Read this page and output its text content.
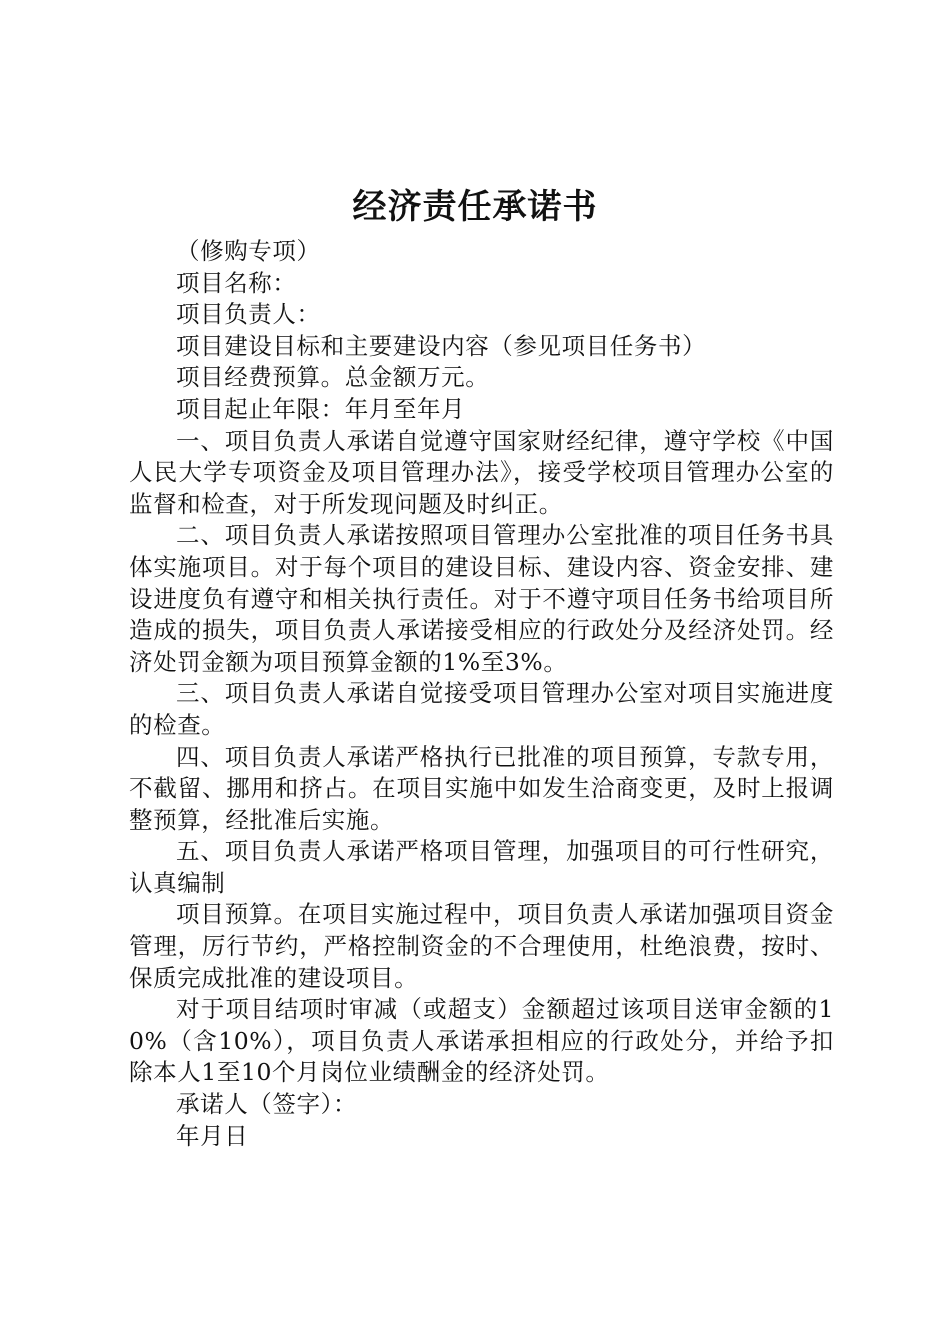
经济责任承诺书

（修购专项）

项目名称：

项目负责人：

项目建设目标和主要建设内容（参见项目任务书）

项目经费预算。总金额万元。

项目起止年限：年月至年月

一、项目负责人承诺自觉遵守国家财经纪律，遵守学校《中国人民大学专项资金及项目管理办法》，接受学校项目管理办公室的监督和检查，对于所发现问题及时纠正。

二、项目负责人承诺按照项目管理办公室批准的项目任务书具体实施项目。对于每个项目的建设目标、建设内容、资金安排、建设进度负有遵守和相关执行责任。对于不遵守项目任务书给项目所造成的损失，项目负责人承诺接受相应的行政处分及经济处罚。经济处罚金额为项目预算金额的1%至3%。

三、项目负责人承诺自觉接受项目管理办公室对项目实施进度的检查。

四、项目负责人承诺严格执行已批准的项目预算，专款专用，不截留、挪用和挤占。在项目实施中如发生洽商变更，及时上报调整预算，经批准后实施。

五、项目负责人承诺严格项目管理，加强项目的可行性研究，认真编制

项目预算。在项目实施过程中，项目负责人承诺加强项目资金管理，厉行节约，严格控制资金的不合理使用，杜绝浪费，按时、保质完成批准的建设项目。

对于项目结项时审减（或超支）金额超过该项目送审金额的10%（含10%），项目负责人承诺承担相应的行政处分，并给予扣除本人1至10个月岗位业绩酬金的经济处罚。

承诺人（签字）：

年月日
